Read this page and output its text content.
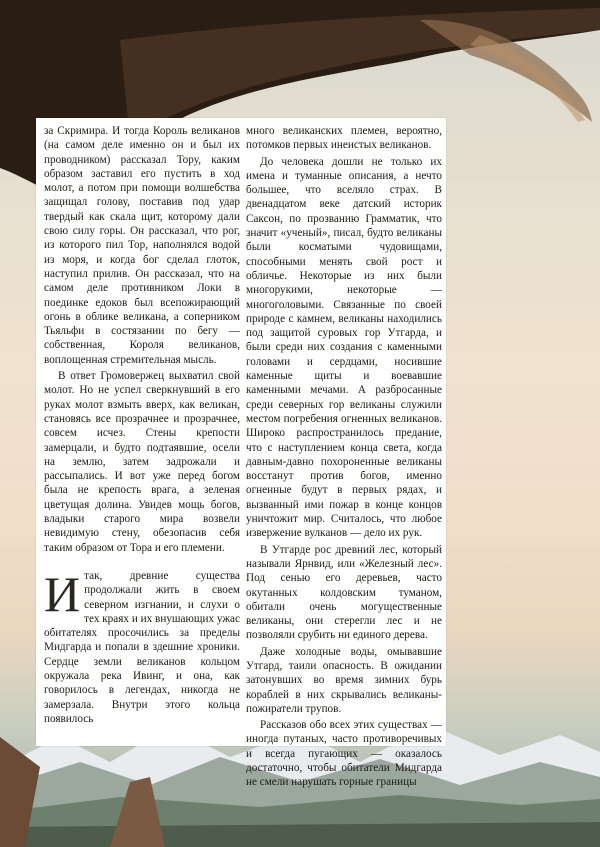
за Скримира. И тогда Король великанов (на самом деле именно он и был их проводником) рассказал Тору, каким образом заставил его пустить в ход молот, а потом при помощи волшебства защищал голову, поставив под удар твердый как скала щит, которому дали свою силу горы. Он рассказал, что рог, из которого пил Тор, наполнялся водой из моря, и когда бог сделал глоток, наступил прилив. Он рассказал, что на самом деле противником Локи в поединке едоков был всепожирающий огонь в облике великана, а соперником Тьяльфи в состязании по бегу — собственная, Короля великанов, воплощенная стремительная мысль.

В ответ Громовержец выхватил свой молот. Но не успел сверкнувший в его руках молот взмыть вверх, как великан, становясь все прозрачнее и прозрачнее, совсем исчез. Стены крепости замерцали, и будто подтаявшие, осели на землю, затем задрожали и рассыпались. И вот уже перед богом была не крепость врага, а зеленая цветущая долина. Увидев мощь богов, владыки старого мира возвели невидимую стену, обезопасив себя таким образом от Тора и его племени.

И так, древние существа продолжали жить в своем северном изгнании, и слухи о тех краях и их внушающих ужас обитателях просочились за пределы Мидгарда и попали в здешние хроники. Сердце земли великанов кольцом окружала река Ивинг, и она, как говорилось в легендах, никогда не замерзала. Внутри этого кольца появилось

много великанских племен, вероятно, потомков первых инеистых великанов.

До человека дошли не только их имена и туманные описания, а нечто большее, что вселяло страх. В двенадцатом веке датский историк Саксон, по прозванию Грамматик, что значит «ученый», писал, будто великаны были косматыми чудовищами, способными менять свой рост и обличье. Некоторые из них были многорукими, некоторые — многоголовыми. Связанные по своей природе с камнем, великаны находились под защитой суровых гор Утгарда, и были среди них создания с каменными головами и сердцами, носившие каменные щиты и воевавшие каменными мечами. А разбросанные среди северных гор великаны служили местом погребения огненных великанов. Широко распространилось предание, что с наступлением конца света, когда давным-давно похороненные великаны восстанут против богов, именно огненные будут в первых рядах, и вызванный ими пожар в конце концов уничтожит мир. Считалось, что любое извержение вулканов — дело их рук.

В Утгарде рос древний лес, который называли Ярнвид, или «Железный лес». Под сенью его деревьев, часто окутанных колдовским туманом, обитали очень могущественные великаны, они стерегли лес и не позволяли срубить ни единого дерева.

Даже холодные воды, омывавшие Утгард, таили опасность. В ожидании затонувших во время зимних бурь кораблей в них скрывались великаны-пожиратели трупов.

Рассказов обо всех этих существах — иногда путаных, часто противоречивых и всегда пугающих — оказалось достаточно, чтобы обитатели Мидгарда не смели нарушать горные границы
